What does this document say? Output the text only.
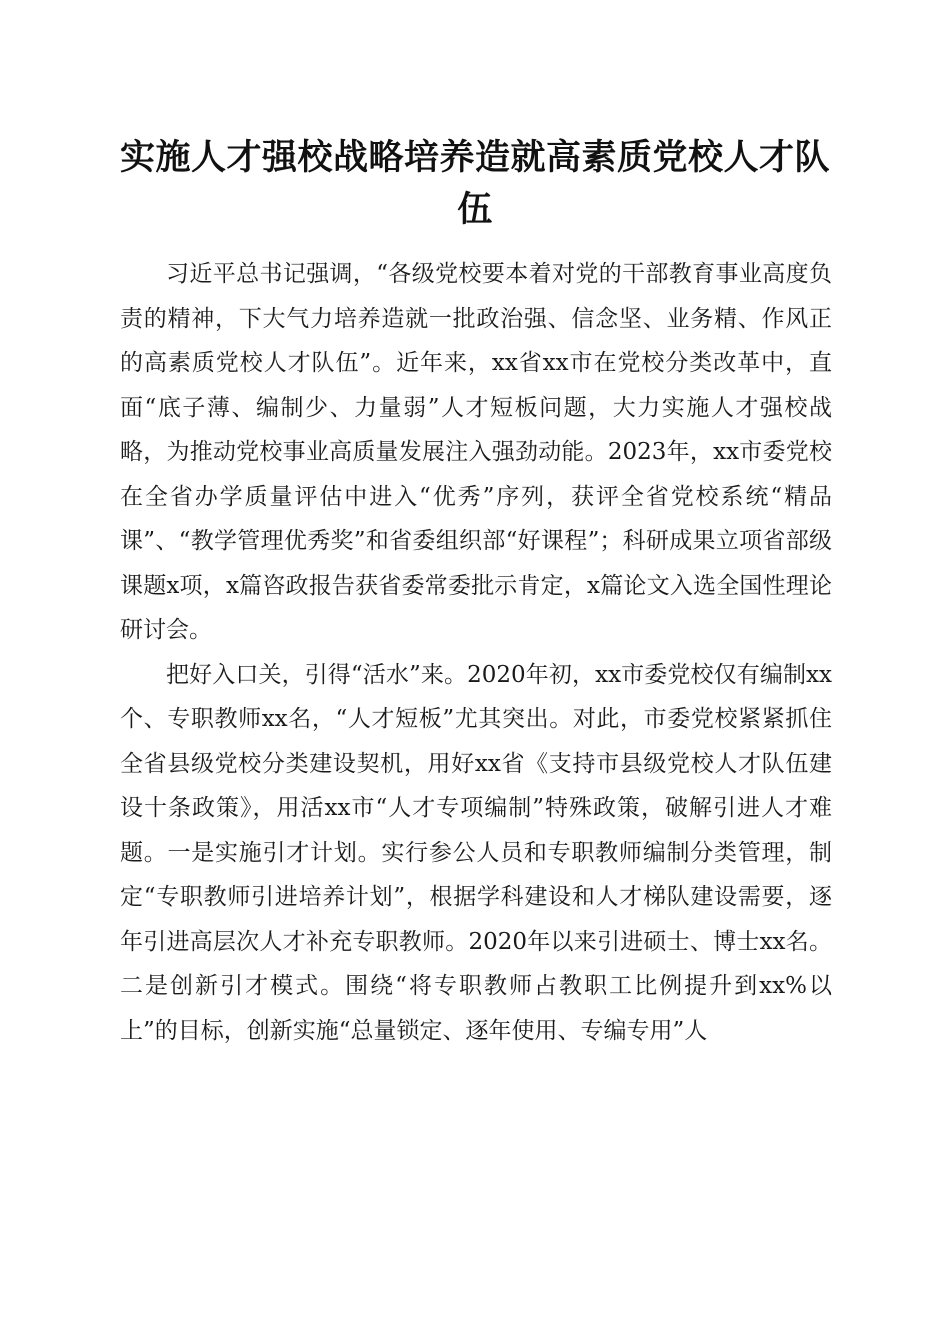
实施人才强校战略培养造就高素质党校人才队伍

习近平总书记强调，“各级党校要本着对党的干部教育事业高度负责的精神，下大气力培养造就一批政治强、信念坚、业务精、作风正的高素质党校人才队伍”。近年来，xx省xx市在党校分类改革中，直面“底子薄、编制少、力量弱”人才短板问题，大力实施人才强校战略，为推动党校事业高质量发展注入强劲动能。2023年，xx市委党校在全省办学质量评估中进入“优秀”序列，获评全省党校系统“精品课”、“教学管理优秀奖”和省委组织部“好课程”；科研成果立项省部级课题x项，x篇咨政报告获省委常委批示肯定，x篇论文入选全国性理论研讨会。

把好入口关，引得“活水”来。2020年初，xx市委党校仅有编制xx个、专职教师xx名，“人才短板”尤其突出。对此，市委党校紧紧抓住全省县级党校分类建设契机，用好xx省《支持市县级党校人才队伍建设十条政策》，用活xx市“人才专项编制”特殊政策，破解引进人才难题。一是实施引才计划。实行参公人员和专职教师编制分类管理，制定“专职教师引进培养计划”，根据学科建设和人才梯队建设需要，逐年引进高层次人才补充专职教师。2020年以来引进硕士、博士xx名。二是创新引才模式。围绕“将专职教师占教职工比例提升到xx%以上”的目标，创新实施“总量锁定、逐年使用、专编专用”人
